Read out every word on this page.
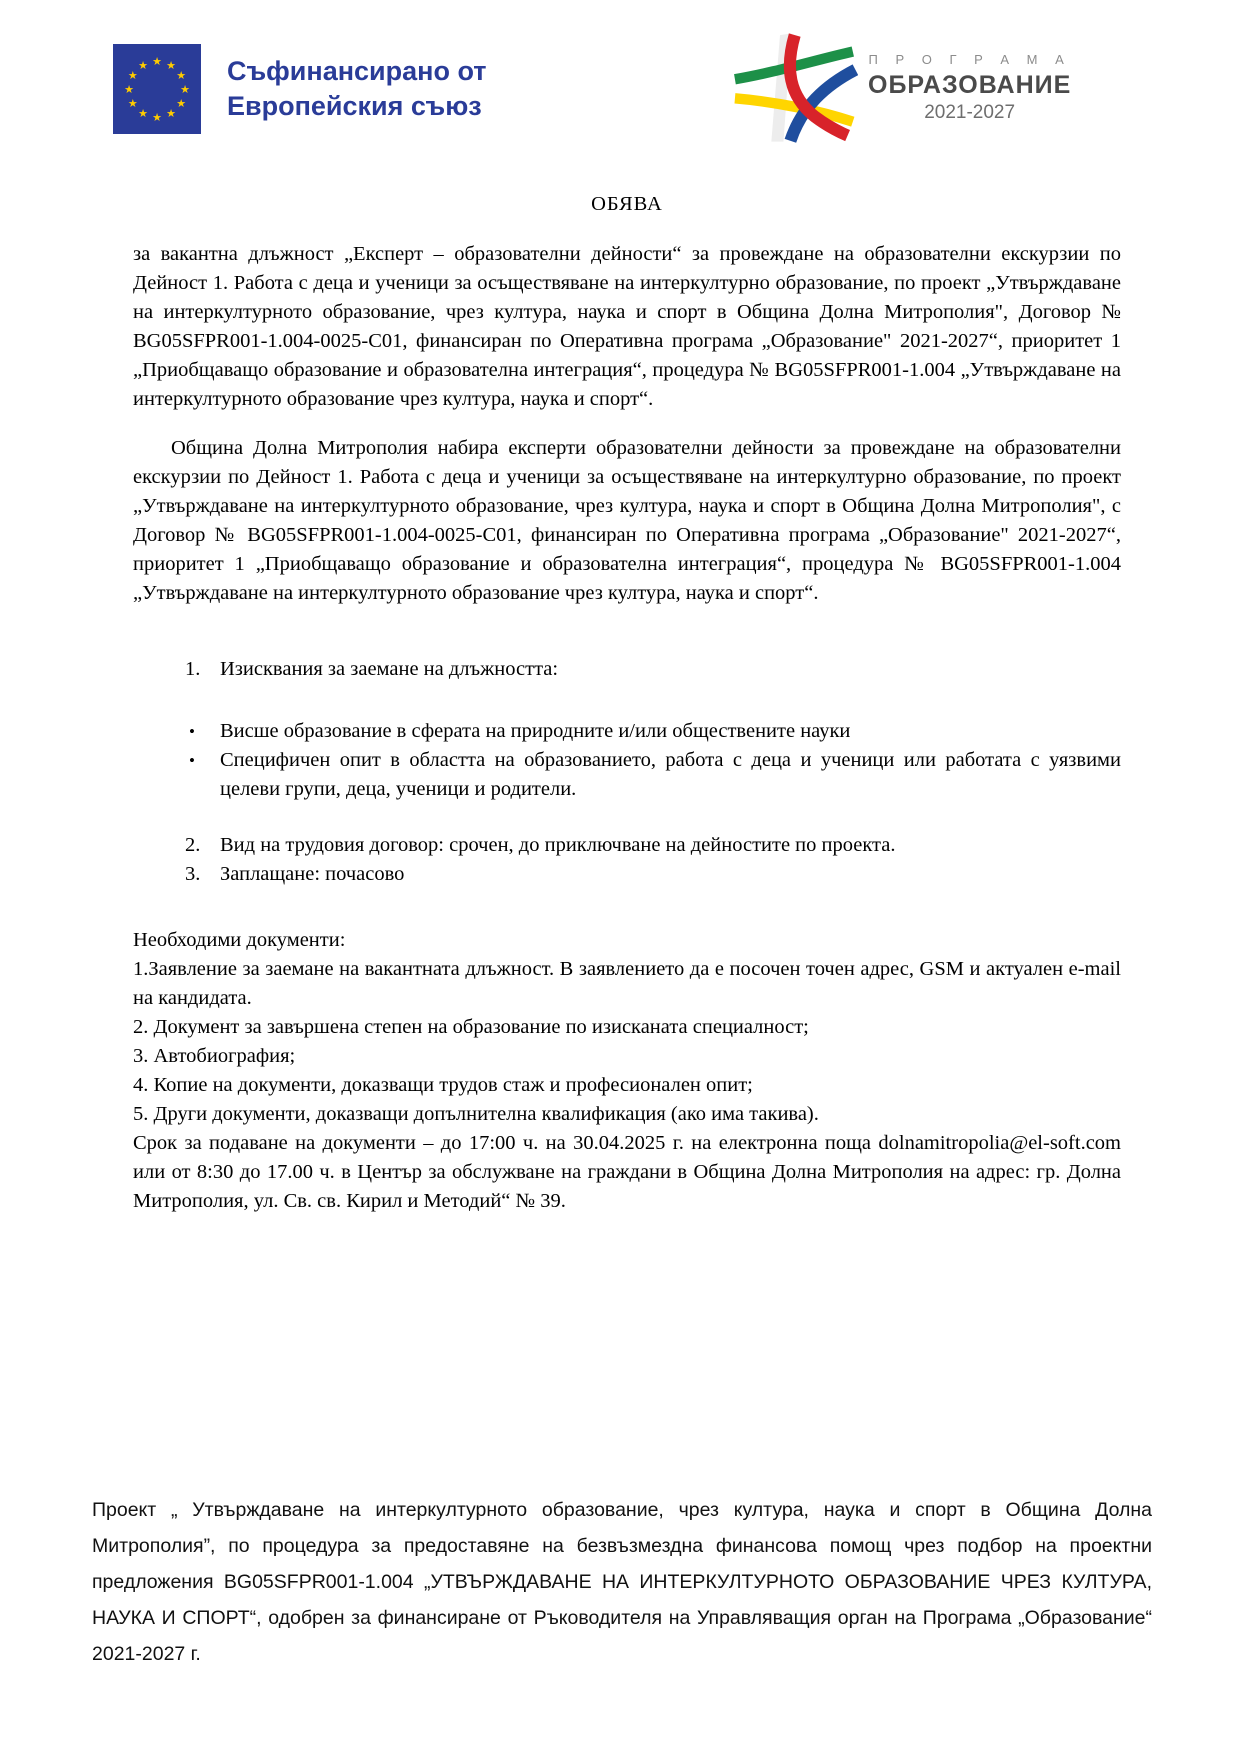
★ ★
★
★
★
★
★
★
★
★
★
★	Съфинансирано от
Европейския съюз
П Р О Г Р А М А
ОБРАЗОВАНИЕ
2021-2027
ОБЯВА

за вакантна длъжност „Експерт – образователни дейности“ за провеждане на образователни екскурзии по Дейност 1. Работа с деца и ученици за осъществяване на интеркултурно образование, по проект „Утвърждаване на интеркултурното образование, чрез култура, наука и спорт в Община Долна Митрополия", Договор № BG05SFPR001-1.004-0025-C01, финансиран по Оперативна програма „Образование" 2021-2027“, приоритет 1 „Приобщаващо образование и образователна интеграция“, процедура № BG05SFPR001-1.004 „Утвърждаване на интеркултурното образование чрез култура, наука и спорт“.

Община Долна Митрополия набира експерти образователни дейности за провеждане на образователни екскурзии по Дейност 1. Работа с деца и ученици за осъществяване на интеркултурно образование, по проект „Утвърждаване на интеркултурното образование, чрез култура, наука и спорт в Община Долна Митрополия", с Договор № BG05SFPR001-1.004-0025-C01, финансиран по Оперативна програма „Образование" 2021-2027“, приоритет 1 „Приобщаващо образование и образователна интеграция“, процедура № BG05SFPR001-1.004 „Утвърждаване на интеркултурното образование чрез култура, наука и спорт“.

1. Изисквания за заемане на длъжността:
• Висше образование в сферата на природните и/или обществените науки
• Специфичен опит в областта на образованието, работа с деца и ученици или работата с уязвими целеви групи, деца, ученици и родители.
2. Вид на трудовия договор: срочен, до приключване на дейностите по проекта.
3. Заплащане: почасово
Необходими документи:
1.Заявление за заемане на вакантната длъжност. В заявлението да е посочен точен адрес, GSM и актуален e-mail на кандидата.
2. Документ за завършена степен на образование по изисканата специалност;
3. Автобиография;
4. Копие на документи, доказващи трудов стаж и професионален опит;
5. Други документи, доказващи допълнителна квалификация (ако има такива).
Срок за подаване на документи – до 17:00 ч. на 30.04.2025 г. на електронна поща dolnamitropolia@el-soft.com или от 8:30 до 17.00 ч. в Център за обслужване на граждани в Община Долна Митрополия на адрес: гр. Долна Митрополия, ул. Св. св. Кирил и Методий“ № 39.
Проект „ Утвърждаване на интеркултурното образование, чрез култура, наука и спорт в Община Долна Митрополия”, по процедура за предоставяне на безвъзмездна финансова помощ чрез подбор на проектни предложения BG05SFPR001-1.004 „УТВЪРЖДАВАНЕ НА ИНТЕРКУЛТУРНОТО ОБРАЗОВАНИЕ ЧРЕЗ КУЛТУРА, НАУКА И СПОРТ“, одобрен за финансиране от Ръководителя на Управляващия орган на Програма „Образование“ 2021-2027 г.
